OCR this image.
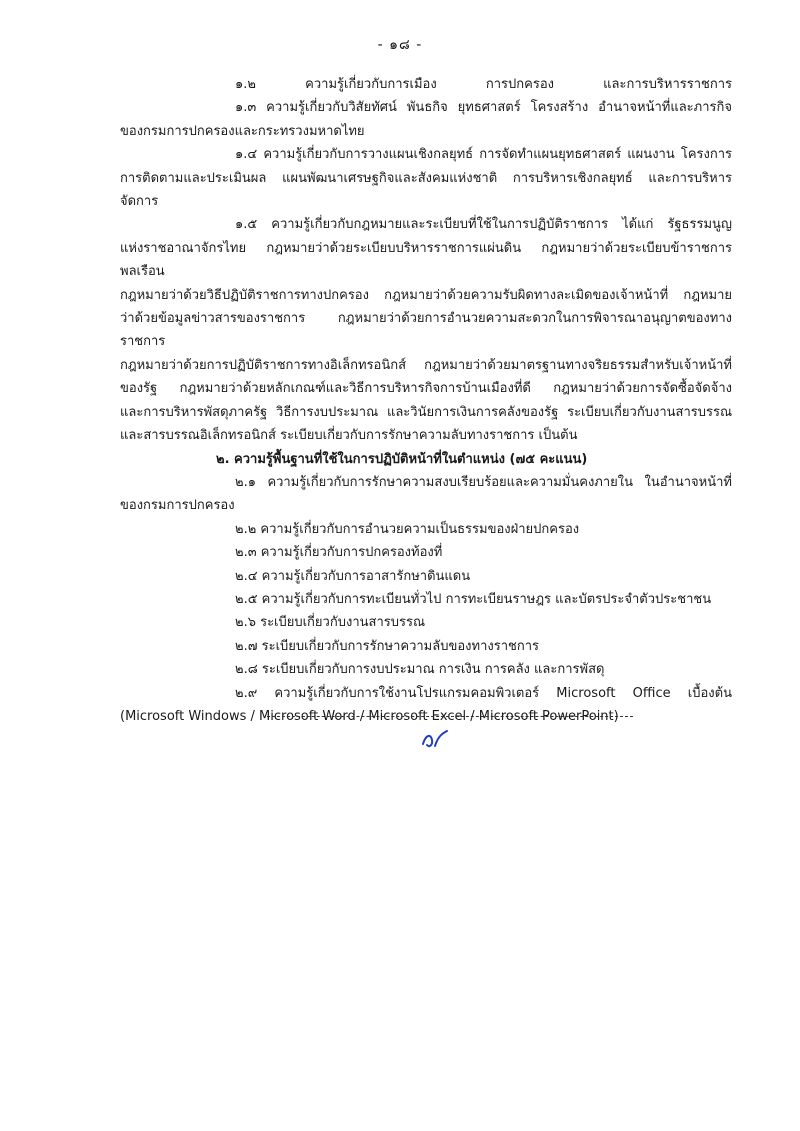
- ๑๘ -

๑.๒ ความรู้เกี่ยวกับการเมือง การปกครอง และการบริหารราชการ

๑.๓ ความรู้เกี่ยวกับวิสัยทัศน์ พันธกิจ ยุทธศาสตร์ โครงสร้าง อำนาจหน้าที่และภารกิจ

ของกรมการปกครองและกระทรวงมหาดไทย

๑.๔ ความรู้เกี่ยวกับการวางแผนเชิงกลยุทธ์ การจัดทำแผนยุทธศาสตร์ แผนงาน โครงการ

การติดตามและประเมินผล แผนพัฒนาเศรษฐกิจและสังคมแห่งชาติ การบริหารเชิงกลยุทธ์ และการบริหารจัดการ

๑.๕ ความรู้เกี่ยวกับกฎหมายและระเบียบที่ใช้ในการปฏิบัติราชการ ได้แก่ รัฐธรรมนูญ

แห่งราชอาณาจักรไทย กฎหมายว่าด้วยระเบียบบริหารราชการแผ่นดิน กฎหมายว่าด้วยระเบียบข้าราชการพลเรือน

กฎหมายว่าด้วยวิธีปฏิบัติราชการทางปกครอง กฎหมายว่าด้วยความรับผิดทางละเมิดของเจ้าหน้าที่ กฎหมาย

ว่าด้วยข้อมูลข่าวสารของราชการ กฎหมายว่าด้วยการอำนวยความสะดวกในการพิจารณาอนุญาตของทางราชการ

กฎหมายว่าด้วยการปฏิบัติราชการทางอิเล็กทรอนิกส์ กฎหมายว่าด้วยมาตรฐานทางจริยธรรมสำหรับเจ้าหน้าที่

ของรัฐ กฎหมายว่าด้วยหลักเกณฑ์และวิธีการบริหารกิจการบ้านเมืองที่ดี กฎหมายว่าด้วยการจัดซื้อจัดจ้าง

และการบริหารพัสดุภาครัฐ วิธีการงบประมาณ และวินัยการเงินการคลังของรัฐ ระเบียบเกี่ยวกับงานสารบรรณ

และสารบรรณอิเล็กทรอนิกส์ ระเบียบเกี่ยวกับการรักษาความลับทางราชการ เป็นต้น

๒. ความรู้พื้นฐานที่ใช้ในการปฏิบัติหน้าที่ในตำแหน่ง (๗๕ คะแนน)

๒.๑ ความรู้เกี่ยวกับการรักษาความสงบเรียบร้อยและความมั่นคงภายใน ในอำนาจหน้าที่

ของกรมการปกครอง

๒.๒ ความรู้เกี่ยวกับการอำนวยความเป็นธรรมของฝ่ายปกครอง

๒.๓ ความรู้เกี่ยวกับการปกครองท้องที่

๒.๔ ความรู้เกี่ยวกับการอาสารักษาดินแดน

๒.๕ ความรู้เกี่ยวกับการทะเบียนทั่วไป การทะเบียนราษฎร และบัตรประจำตัวประชาชน

๒.๖ ระเบียบเกี่ยวกับงานสารบรรณ

๒.๗ ระเบียบเกี่ยวกับการรักษาความลับของทางราชการ

๒.๘ ระเบียบเกี่ยวกับการงบประมาณ การเงิน การคลัง และการพัสดุ

๒.๙ ความรู้เกี่ยวกับการใช้งานโปรแกรมคอมพิวเตอร์ Microsoft Office เบื้องต้น

(Microsoft Windows / Microsoft Word / Microsoft Excel / Microsoft PowerPoint)
